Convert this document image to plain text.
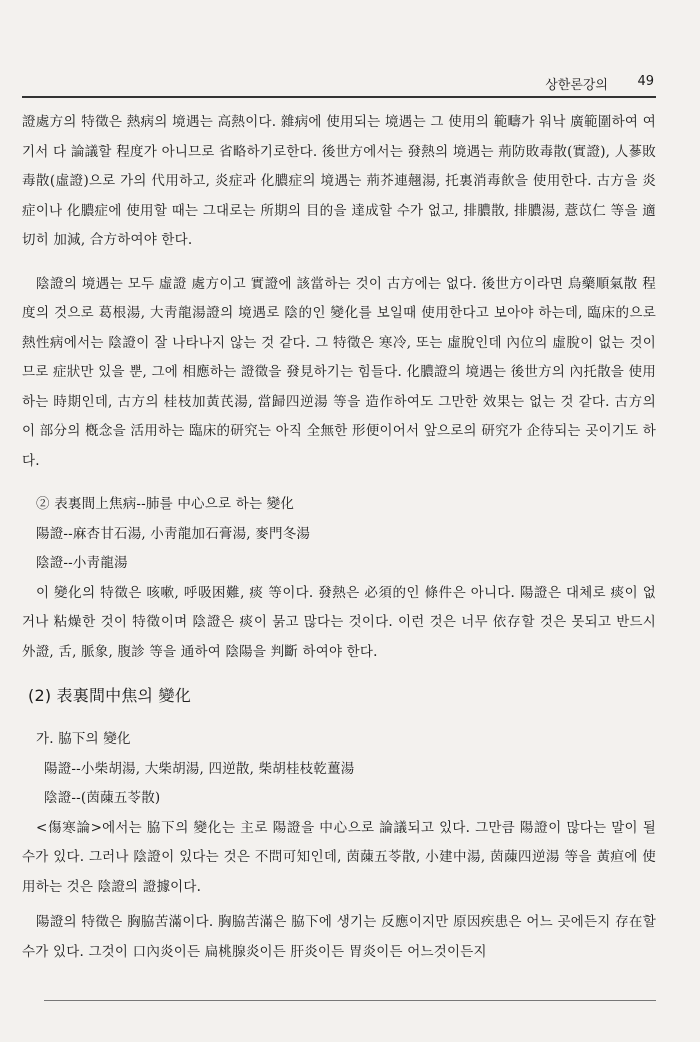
상한론강의 49

證處方의 特徵은 熱病의 境遇는 高熱이다. 雜病에 使用되는 境遇는 그 使用의 範疇가 워낙 廣範圍하여 여기서 다 論議할 程度가 아니므로 省略하기로한다. 後世方에서는 發熱의 境遇는 荊防敗毒散(實證), 人蔘敗毒散(虛證)으로 가의 代用하고, 炎症과 化膿症의 境遇는 荊芥連翹湯, 托裏消毒飮을 使用한다. 古方을 炎症이나 化膿症에 使用할 때는 그대로는 所期의 目的을 達成할 수가 없고, 排膿散, 排膿湯, 薏苡仁 等을 適切히 加減, 合方하여야 한다.

陰證의 境遇는 모두 虛證 處方이고 實證에 該當하는 것이 古方에는 없다. 後世方이라면 烏藥順氣散 程度의 것으로 葛根湯, 大靑龍湯證의 境遇로 陰的인 變化를 보일때 使用한다고 보아야 하는데, 臨床的으로 熱性病에서는 陰證이 잘 나타나지 않는 것 같다. 그 特徵은 寒冷, 또는 虛脫인데 內位의 虛脫이 없는 것이므로 症狀만 있을 뿐, 그에 相應하는 證徵을 發見하기는 힘들다. 化膿證의 境遇는 後世方의 內托散을 使用하는 時期인데, 古方의 桂枝加黃芪湯, 當歸四逆湯 等을 造作하여도 그만한 效果는 없는 것 같다. 古方의 이 部分의 槪念을 活用하는 臨床的研究는 아직 全無한 形便이어서 앞으로의 研究가 企待되는 곳이기도 하다.

② 表裏間上焦病--肺를 中心으로 하는 變化

陽證--麻杏甘石湯, 小靑龍加石膏湯, 麥門冬湯

陰證--小靑龍湯

이 變化의 特徵은 咳嗽, 呼吸困難, 痰 等이다. 發熱은 必須的인 條件은 아니다. 陽證은 대체로 痰이 없거나 粘燥한 것이 特徵이며 陰證은 痰이 묽고 많다는 것이다. 이런 것은 너무 依存할 것은 못되고 반드시 外證, 舌, 脈象, 腹診 等을 通하여 陰陽을 判斷 하여야 한다.

(2) 表裏間中焦의 變化

가. 脇下의 變化

陽證--小柴胡湯, 大柴胡湯, 四逆散, 柴胡桂枝乾薑湯

陰證--(茵蔯五苓散)

<傷寒論>에서는 脇下의 變化는 主로 陽證을 中心으로 論議되고 있다. 그만큼 陽證이 많다는 말이 될 수가 있다. 그러나 陰證이 있다는 것은 不問可知인데, 茵蔯五苓散, 小建中湯, 茵蔯四逆湯 等을 黃疸에 使用하는 것은 陰證의 證據이다.

陽證의 特徵은 胸脇苦滿이다. 胸脇苦滿은 脇下에 생기는 反應이지만 原因疾患은 어느 곳에든지 存在할 수가 있다. 그것이 口內炎이든 扁桃腺炎이든 肝炎이든 胃炎이든 어느것이든지
